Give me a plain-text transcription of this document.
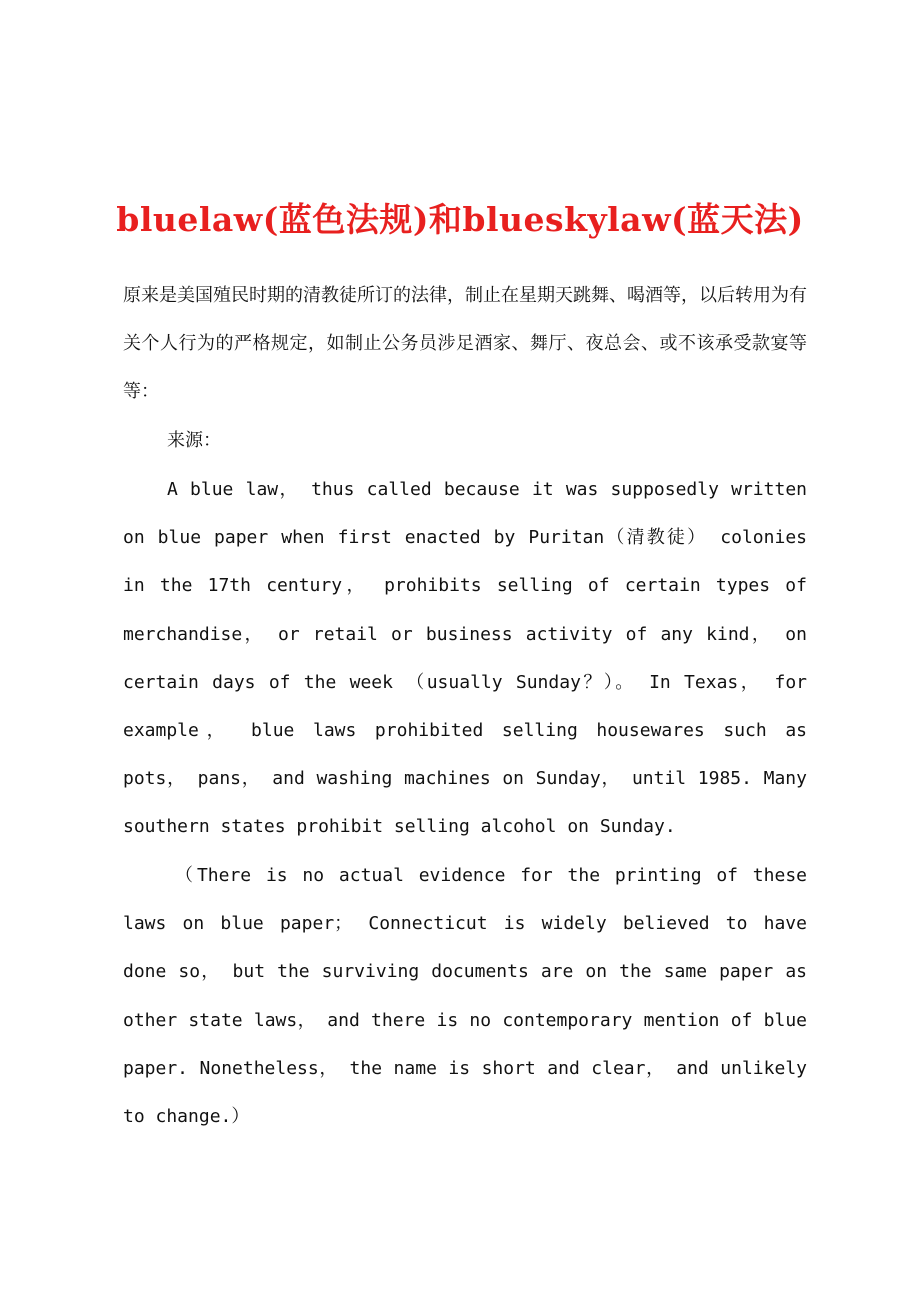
bluelaw(蓝色法规)和blueskylaw(蓝天法)
原来是美国殖民时期的清教徒所订的法律，制止在星期天跳舞、喝酒等，以后转用为有关个人行为的严格规定，如制止公务员涉足酒家、舞厅、夜总会、或不该承受款宴等等：
来源：
A blue law， thus called because it was supposedly written on blue paper when first enacted by Puritan（清教徒） colonies in the 17th century， prohibits selling of certain types of merchandise， or retail or business activity of any kind， on certain days of the week （usually Sunday？）。 In Texas， for example， blue laws prohibited selling housewares such as pots， pans， and washing machines on Sunday， until 1985. Many southern states prohibit selling alcohol on Sunday.
（There is no actual evidence for the printing of these laws on blue paper； Connecticut is widely believed to have done so， but the surviving documents are on the same paper as other state laws， and there is no contemporary mention of blue paper. Nonetheless， the name is short and clear， and unlikely to change.）
